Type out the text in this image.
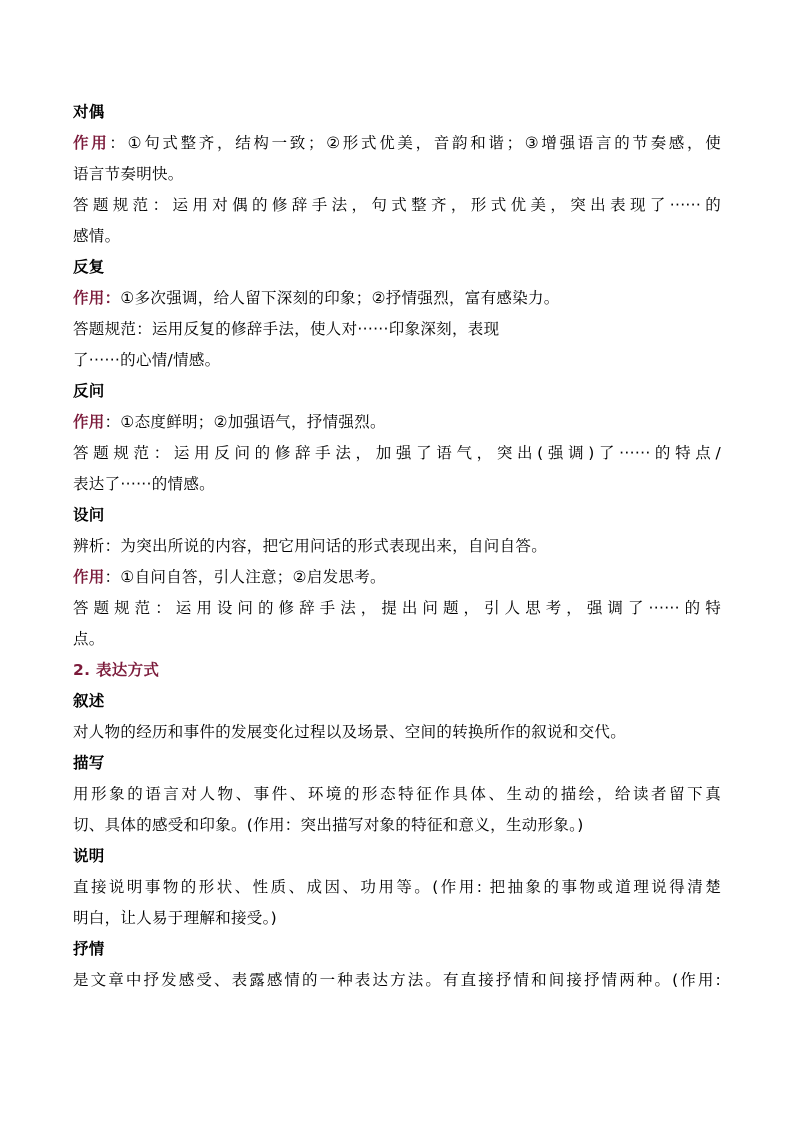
对偶
作用：①句式整齐，结构一致；②形式优美，音韵和谐；③增强语言的节奏感，使
语言节奏明快。
答题规范：运用对偶的修辞手法，句式整齐，形式优美，突出表现了······的
感情。
反复
作用：①多次强调，给人留下深刻的印象；②抒情强烈，富有感染力。
答题规范：运用反复的修辞手法，使人对······印象深刻，表现
了······的心情/情感。
反问
作用：①态度鲜明；②加强语气，抒情强烈。
答题规范：运用反问的修辞手法，加强了语气，突出(强调)了······的特点/
表达了······的情感。
设问
辨析：为突出所说的内容，把它用问话的形式表现出来，自问自答。
作用：①自问自答，引人注意；②启发思考。
答题规范：运用设问的修辞手法，提出问题，引人思考，强调了······的特
点。
2. 表达方式
叙述
对人物的经历和事件的发展变化过程以及场景、空间的转换所作的叙说和交代。
描写
用形象的语言对人物、事件、环境的形态特征作具体、生动的描绘，给读者留下真
切、具体的感受和印象。(作用：突出描写对象的特征和意义，生动形象。)
说明
直接说明事物的形状、性质、成因、功用等。(作用: 把抽象的事物或道理说得清楚
明白，让人易于理解和接受。)
抒情
是文章中抒发感受、表露感情的一种表达方法。有直接抒情和间接抒情两种。(作用:
